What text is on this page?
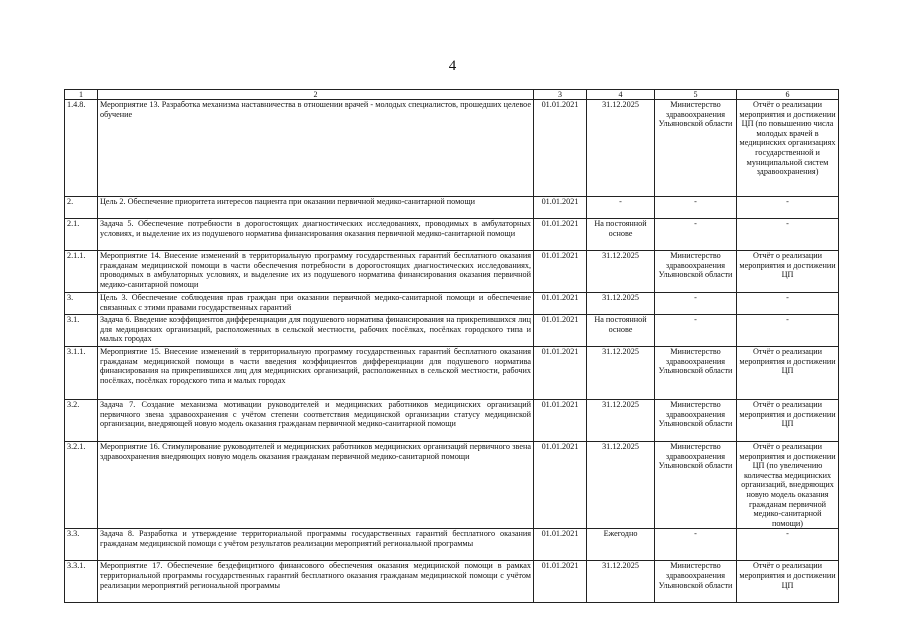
4
1	2	3	4	5	6
1.4.8.	Мероприятие 13. Разработка механизма наставничества в отношении врачей - молодых специалистов, прошедших целевое обучение	01.01.2021	31.12.2025	Министерство здравоохранения Ульяновской области	Отчёт о реализации мероприятия и достижении ЦП (по повышению числа молодых врачей в медицинских организациях государственной и муниципальной систем здравоохранения)
2.	Цель 2. Обеспечение приоритета интересов пациента при оказании первичной медико-санитарной помощи	01.01.2021	-	-	-
2.1.	Задача 5. Обеспечение потребности в дорогостоящих диагностических исследованиях, проводимых в амбулаторных условиях, и выделение их из подушевого норматива финансирования оказания первичной медико-санитарной помощи	01.01.2021	На постоянной основе	-	-
2.1.1.	Мероприятие 14. Внесение изменений в территориальную программу государственных гарантий бесплатного оказания гражданам медицинской помощи в части обеспечения потребности в дорогостоящих диагностических исследованиях, проводимых в амбулаторных условиях, и выделение их из подушевого норматива финансирования оказания первичной медико-санитарной помощи	01.01.2021	31.12.2025	Министерство здравоохранения Ульяновской области	Отчёт о реализации мероприятия и достижении ЦП
3.	Цель 3. Обеспечение соблюдения прав граждан при оказании первичной медико-санитарной помощи и обеспечение связанных с этими правами государственных гарантий	01.01.2021	31.12.2025	-	-
3.1.	Задача 6. Введение коэффициентов дифференциации для подушевого норматива финансирования на прикрепившихся лиц для медицинских организаций, расположенных в сельской местности, рабочих посёлках, посёлках городского типа и малых городах	01.01.2021	На постоянной основе	-	-
3.1.1.	Мероприятие 15. Внесение изменений в территориальную программу государственных гарантий бесплатного оказания гражданам медицинской помощи в части введения коэффициентов дифференциации для подушевого норматива финансирования на прикрепившихся лиц для медицинских организаций, расположенных в сельской местности, рабочих посёлках, посёлках городского типа и малых городах	01.01.2021	31.12.2025	Министерство здравоохранения Ульяновской области	Отчёт о реализации мероприятия и достижении ЦП
3.2.	Задача 7. Создание механизма мотивации руководителей и медицинских работников медицинских организаций первичного звена здравоохранения с учётом степени соответствия медицинской организации статусу медицинской организации, внедряющей новую модель оказания гражданам первичной медико-санитарной помощи	01.01.2021	31.12.2025	Министерство здравоохранения Ульяновской области	Отчёт о реализации мероприятия и достижении ЦП
3.2.1.	Мероприятие 16. Стимулирование руководителей и медицинских работников медицинских организаций первичного звена здравоохранения внедряющих новую модель оказания гражданам первичной медико-санитарной помощи	01.01.2021	31.12.2025	Министерство здравоохранения Ульяновской области	Отчёт о реализации мероприятия и достижении ЦП (по увеличению количества медицинских организаций, внедряющих новую модель оказания гражданам первичной медико-санитарной помощи)
3.3.	Задача 8. Разработка и утверждение территориальной программы государственных гарантий бесплатного оказания гражданам медицинской помощи с учётом результатов реализации мероприятий региональной программы	01.01.2021	Ежегодно	-	-
3.3.1.	Мероприятие 17. Обеспечение бездефицитного финансового обеспечения оказания медицинской помощи в рамках территориальной программы государственных гарантий бесплатного оказания гражданам медицинской помощи с учётом реализации мероприятий региональной программы	01.01.2021	31.12.2025	Министерство здравоохранения Ульяновской области	Отчёт о реализации мероприятия и достижении ЦП
